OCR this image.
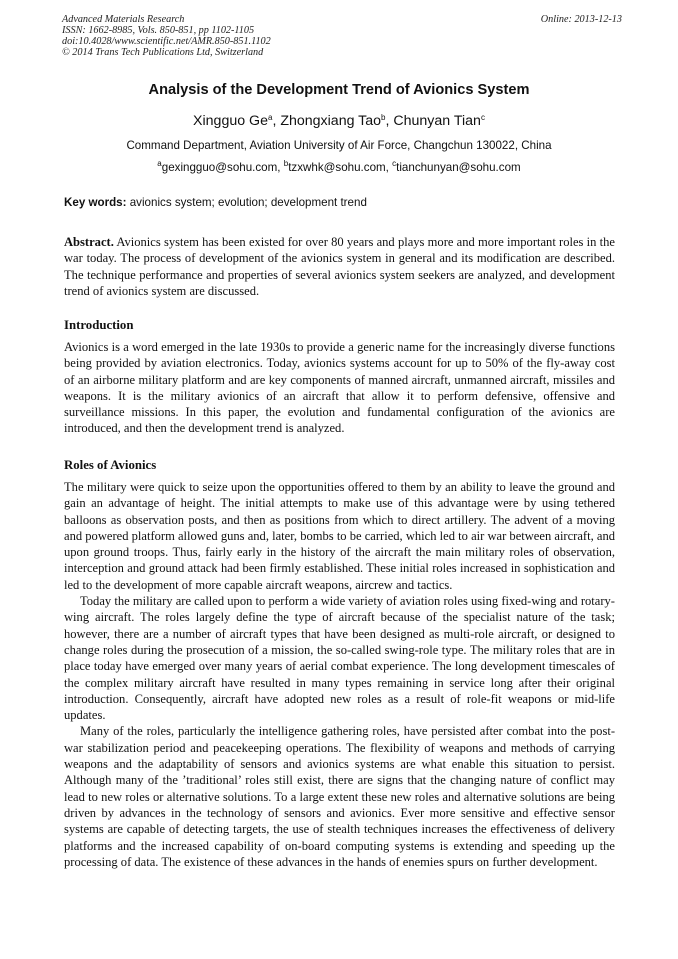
Advanced Materials Research
ISSN: 1662-8985, Vols. 850-851, pp 1102-1105
doi:10.4028/www.scientific.net/AMR.850-851.1102
© 2014 Trans Tech Publications Ltd, Switzerland
Online: 2013-12-13
Analysis of the Development Trend of Avionics System
Xingguo Ge$^a$, Zhongxiang Tao$^b$, Chunyan Tian$^c$
Command Department, Aviation University of Air Force, Changchun 130022, China
$^a$gexingguo@sohu.com, $^b$tzxwhk@sohu.com, $^c$tianchunyan@sohu.com
Key words: avionics system; evolution; development trend
Abstract. Avionics system has been existed for over 80 years and plays more and more important roles in the war today. The process of development of the avionics system in general and its modification are described. The technique performance and properties of several avionics system seekers are analyzed, and development trend of avionics system are discussed.
Introduction
Avionics is a word emerged in the late 1930s to provide a generic name for the increasingly diverse functions being provided by aviation electronics. Today, avionics systems account for up to 50% of the fly-away cost of an airborne military platform and are key components of manned aircraft, unmanned aircraft, missiles and weapons. It is the military avionics of an aircraft that allow it to perform defensive, offensive and surveillance missions. In this paper, the evolution and fundamental configuration of the avionics are introduced, and then the development trend is analyzed.
Roles of Avionics

The military were quick to seize upon the opportunities offered to them by an ability to leave the ground and gain an advantage of height. The initial attempts to make use of this advantage were by using tethered balloons as observation posts, and then as positions from which to direct artillery. The advent of a moving and powered platform allowed guns and, later, bombs to be carried, which led to air war between aircraft, and upon ground troops. Thus, fairly early in the history of the aircraft the main military roles of observation, interception and ground attack had been firmly established. These initial roles increased in sophistication and led to the development of more capable aircraft weapons, aircrew and tactics.

Today the military are called upon to perform a wide variety of aviation roles using fixed-wing and rotary-wing aircraft. The roles largely define the type of aircraft because of the specialist nature of the task; however, there are a number of aircraft types that have been designed as multi-role aircraft, or designed to change roles during the prosecution of a mission, the so-called swing-role type. The military roles that are in place today have emerged over many years of aerial combat experience. The long development timescales of the complex military aircraft have resulted in many types remaining in service long after their original introduction. Consequently, aircraft have adopted new roles as a result of role-fit weapons or mid-life updates.

Many of the roles, particularly the intelligence gathering roles, have persisted after combat into the post-war stabilization period and peacekeeping operations. The flexibility of weapons and methods of carrying weapons and the adaptability of sensors and avionics systems are what enable this situation to persist. Although many of the ’traditional’ roles still exist, there are signs that the changing nature of conflict may lead to new roles or alternative solutions. To a large extent these new roles and alternative solutions are being driven by advances in the technology of sensors and avionics. Ever more sensitive and effective sensor systems are capable of detecting targets, the use of stealth techniques increases the effectiveness of delivery platforms and the increased capability of on-board computing systems is extending and speeding up the processing of data. The existence of these advances in the hands of enemies spurs on further development.
